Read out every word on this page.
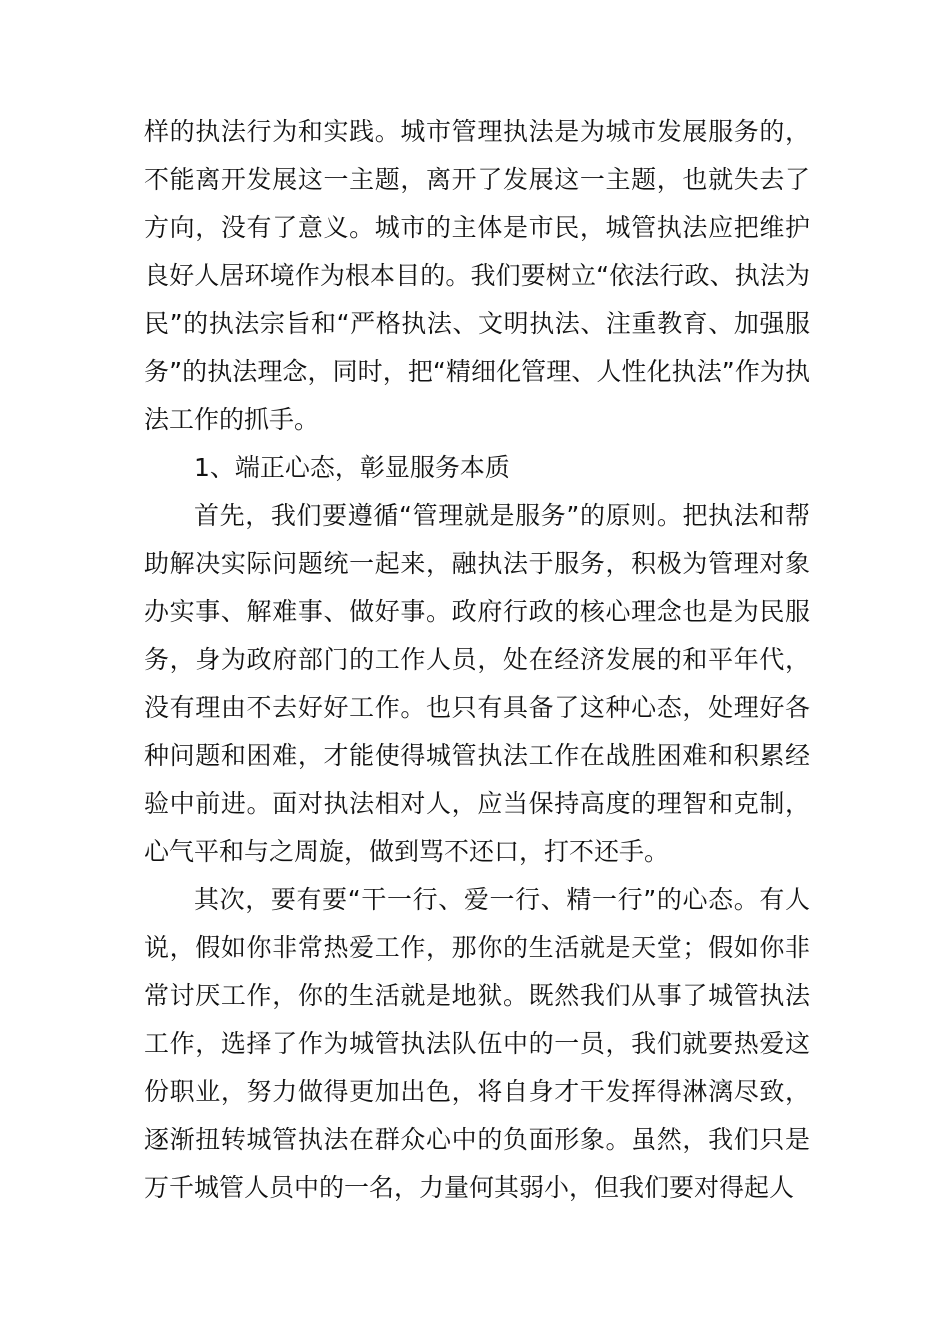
样的执法行为和实践。城市管理执法是为城市发展服务的，不能离开发展这一主题，离开了发展这一主题，也就失去了方向，没有了意义。城市的主体是市民，城管执法应把维护良好人居环境作为根本目的。我们要树立“依法行政、执法为民”的执法宗旨和“严格执法、文明执法、注重教育、加强服务”的执法理念，同时，把“精细化管理、人性化执法”作为执法工作的抓手。

1、端正心态，彰显服务本质

首先，我们要遵循“管理就是服务”的原则。把执法和帮助解决实际问题统一起来，融执法于服务，积极为管理对象办实事、解难事、做好事。政府行政的核心理念也是为民服务，身为政府部门的工作人员，处在经济发展的和平年代，没有理由不去好好工作。也只有具备了这种心态，处理好各种问题和困难，才能使得城管执法工作在战胜困难和积累经验中前进。面对执法相对人，应当保持高度的理智和克制，心气平和与之周旋，做到骂不还口，打不还手。

其次，要有要“干一行、爱一行、精一行”的心态。有人说，假如你非常热爱工作，那你的生活就是天堂；假如你非常讨厌工作，你的生活就是地狱。既然我们从事了城管执法工作，选择了作为城管执法队伍中的一员，我们就要热爱这份职业，努力做得更加出色，将自身才干发挥得淋漓尽致，逐渐扭转城管执法在群众心中的负面形象。虽然，我们只是万千城管人员中的一名，力量何其弱小，但我们要对得起人
